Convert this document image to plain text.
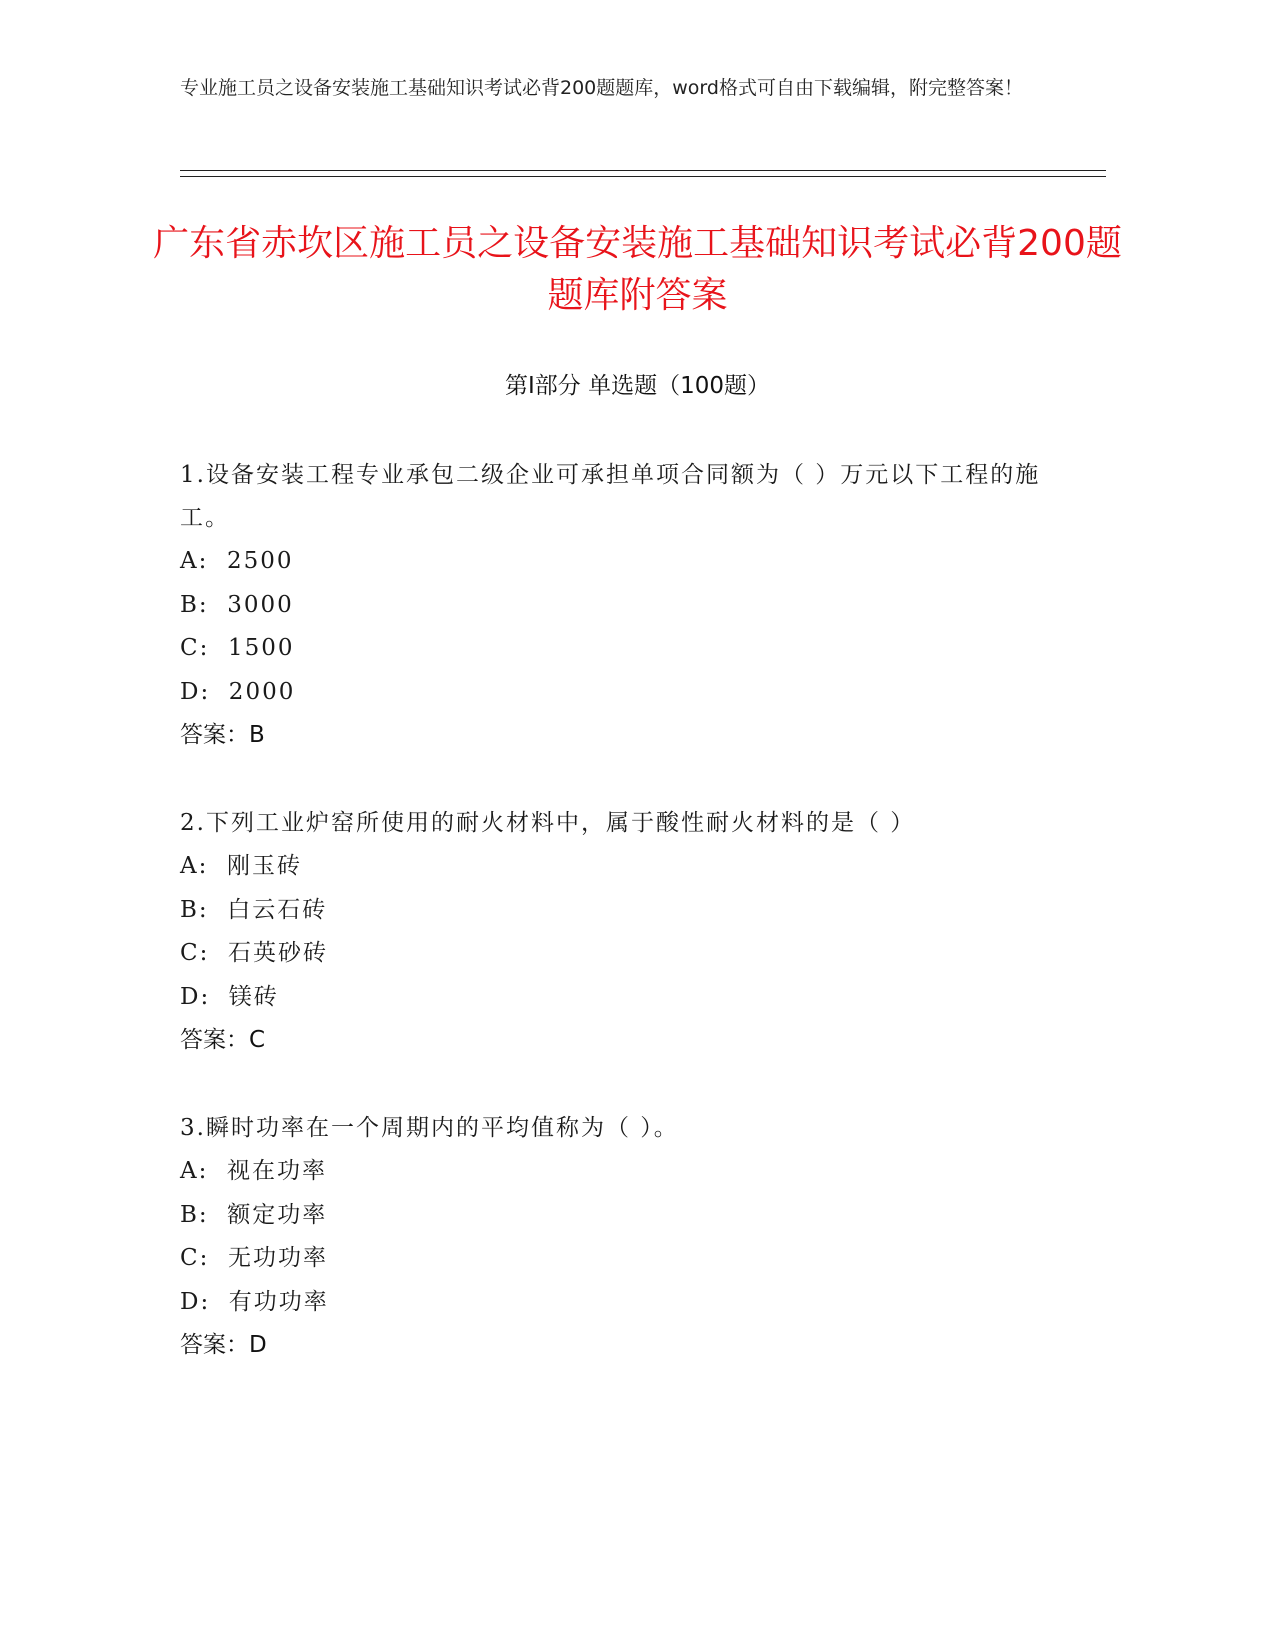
专业施工员之设备安装施工基础知识考试必背200题题库，word格式可自由下载编辑，附完整答案！
广东省赤坎区施工员之设备安装施工基础知识考试必背200题题库附答案
第Ⅰ部分 单选题（100题）

1.设备安装工程专业承包二级企业可承担单项合同额为（ ）万元以下工程的施工。

A:  2500

B:  3000

C:  1500

D:  2000

答案：B

2.下列工业炉窑所使用的耐火材料中，属于酸性耐火材料的是（ ）

A:  刚玉砖

B:  白云石砖

C:  石英砂砖

D:  镁砖

答案：C

3.瞬时功率在一个周期内的平均值称为（ ）。

A:  视在功率

B:  额定功率

C:  无功功率

D:  有功功率

答案：D
